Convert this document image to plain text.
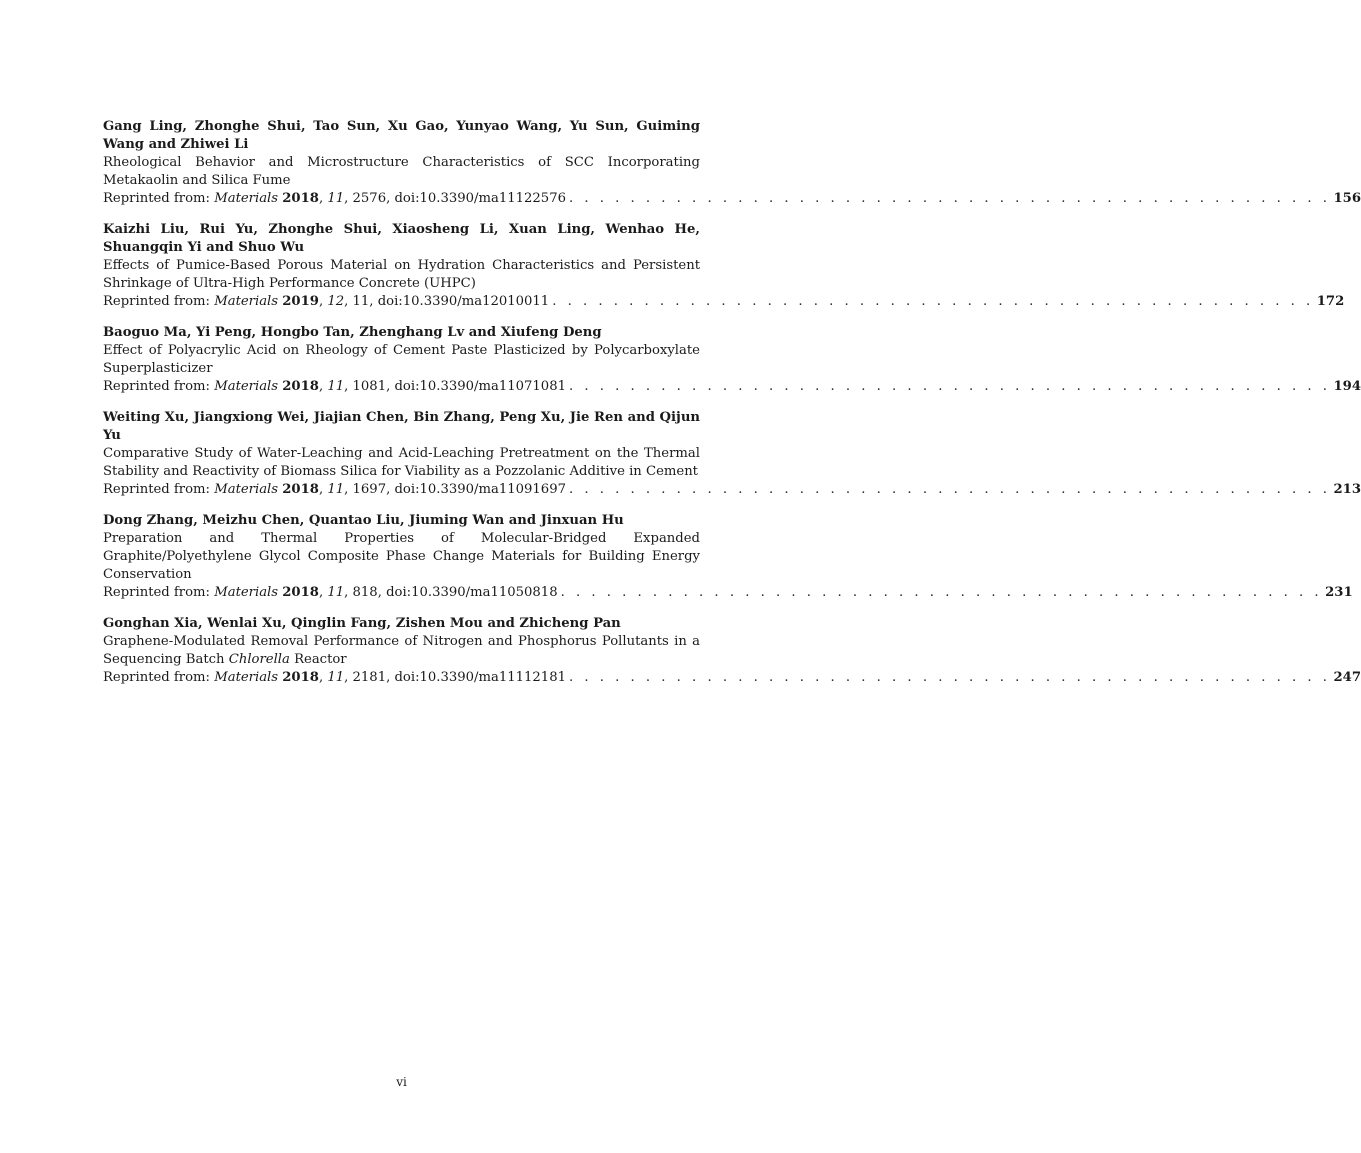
Gang Ling, Zhonghe Shui, Tao Sun, Xu Gao, Yunyao Wang, Yu Sun, Guiming Wang and Zhiwei Li
Rheological Behavior and Microstructure Characteristics of SCC Incorporating Metakaolin and Silica Fume
Reprinted from: Materials 2018, 11, 2576, doi:10.3390/ma11122576 . . . . . . . . . . . . . . . . . . . . . . . . . . . . . . . . . . . . . . . . . . . . . . . . . . 156
Kaizhi Liu, Rui Yu, Zhonghe Shui, Xiaosheng Li, Xuan Ling, Wenhao He, Shuangqin Yi and Shuo Wu
Effects of Pumice-Based Porous Material on Hydration Characteristics and Persistent Shrinkage of Ultra-High Performance Concrete (UHPC)
Reprinted from: Materials 2019, 12, 11, doi:10.3390/ma12010011 . . . . . . . . . . . . . . . . . . . . . . . . . . . . . . . . . . . . . . . . . . . . . . . . . . 172
Baoguo Ma, Yi Peng, Hongbo Tan, Zhenghang Lv and Xiufeng Deng
Effect of Polyacrylic Acid on Rheology of Cement Paste Plasticized by Polycarboxylate Superplasticizer
Reprinted from: Materials 2018, 11, 1081, doi:10.3390/ma11071081 . . . . . . . . . . . . . . . . . . . . . . . . . . . . . . . . . . . . . . . . . . . . . . . . . . 194
Weiting Xu, Jiangxiong Wei, Jiajian Chen, Bin Zhang, Peng Xu, Jie Ren and Qijun Yu
Comparative Study of Water-Leaching and Acid-Leaching Pretreatment on the Thermal Stability and Reactivity of Biomass Silica for Viability as a Pozzolanic Additive in Cement
Reprinted from: Materials 2018, 11, 1697, doi:10.3390/ma11091697 . . . . . . . . . . . . . . . . . . . . . . . . . . . . . . . . . . . . . . . . . . . . . . . . . . 213
Dong Zhang, Meizhu Chen, Quantao Liu, Jiuming Wan and Jinxuan Hu
Preparation and Thermal Properties of Molecular-Bridged Expanded Graphite/Polyethylene Glycol Composite Phase Change Materials for Building Energy Conservation
Reprinted from: Materials 2018, 11, 818, doi:10.3390/ma11050818 . . . . . . . . . . . . . . . . . . . . . . . . . . . . . . . . . . . . . . . . . . . . . . . . . . 231
Gonghan Xia, Wenlai Xu, Qinglin Fang, Zishen Mou and Zhicheng Pan
Graphene-Modulated Removal Performance of Nitrogen and Phosphorus Pollutants in a Sequencing Batch Chlorella Reactor
Reprinted from: Materials 2018, 11, 2181, doi:10.3390/ma11112181 . . . . . . . . . . . . . . . . . . . . . . . . . . . . . . . . . . . . . . . . . . . . . . . . . . 247
vi
